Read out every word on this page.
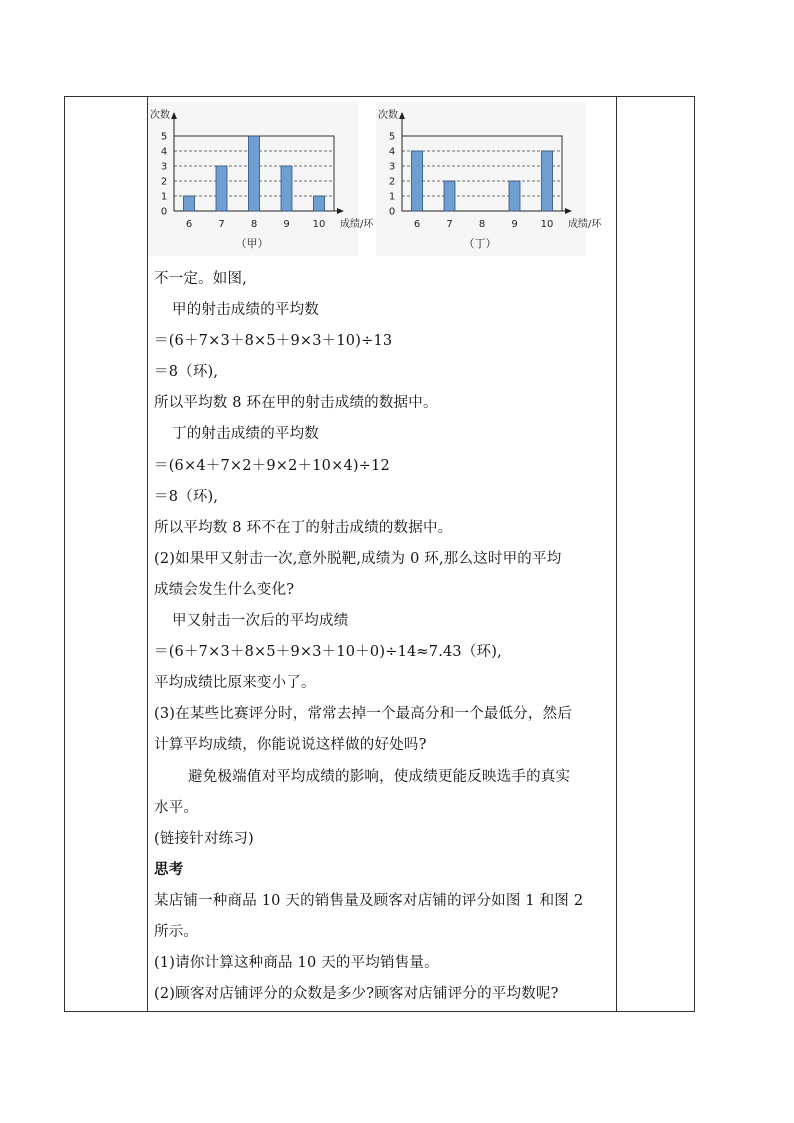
次数
0
1
2
3
4
5
6	7	8	9 10 成绩/环
（甲）
次数
0
1
2
3
4
5
6	7	8	9 10 成绩/环
（丁）
不一定。如图,
甲的射击成绩的平均数
＝(6＋7×3＋8×5＋9×3＋10)÷13
＝8（环),
所以平均数 8 环在甲的射击成绩的数据中。
丁的射击成绩的平均数
＝(6×4＋7×2＋9×2＋10×4)÷12
＝8（环),
所以平均数 8 环不在丁的射击成绩的数据中。
(2)如果甲又射击一次,意外脱靶,成绩为 0 环,那么这时甲的平均
成绩会发生什么变化?
甲又射击一次后的平均成绩
＝(6＋7×3＋8×5＋9×3＋10＋0)÷14≈7.43（环),
平均成绩比原来变小了。
(3)在某些比赛评分时，常常去掉一个最高分和一个最低分，然后
计算平均成绩，你能说说这样做的好处吗?
避免极端值对平均成绩的影响，使成绩更能反映选手的真实
水平。
(链接针对练习)
思考
某店铺一种商品 10 天的销售量及顾客对店铺的评分如图 1 和图 2
所示。
(1)请你计算这种商品 10 天的平均销售量。
(2)顾客对店铺评分的众数是多少?顾客对店铺评分的平均数呢?
